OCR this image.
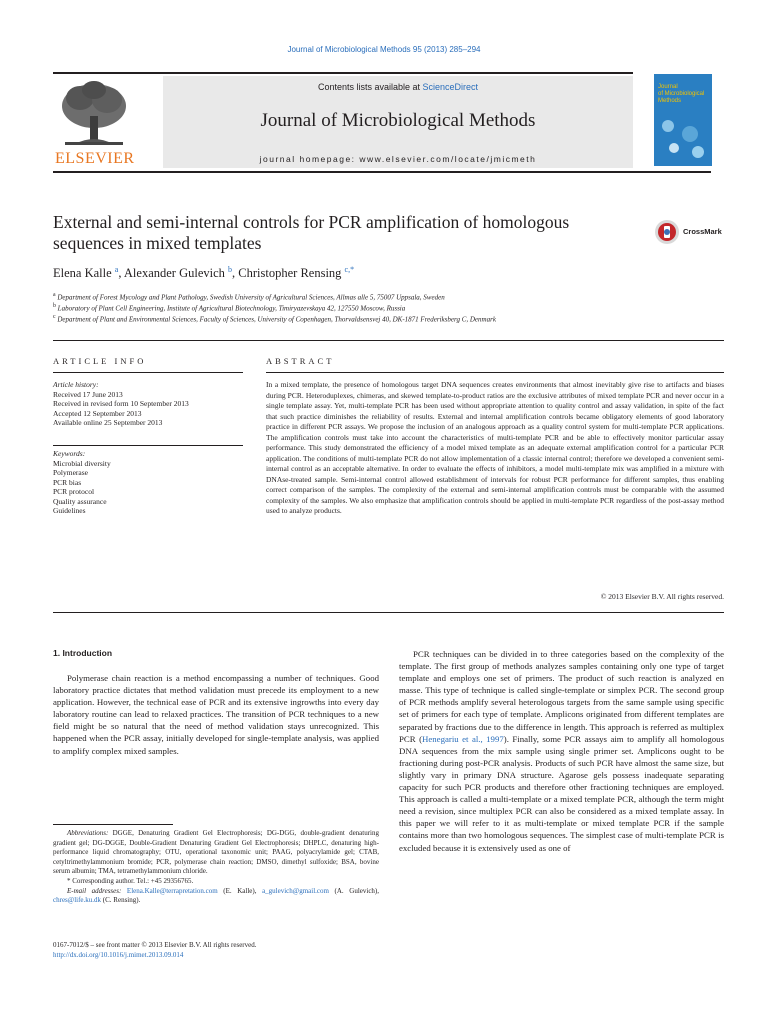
Journal of Microbiological Methods 95 (2013) 285–294
ELSEVIER
Contents lists available at ScienceDirect
Journal of Microbiological Methods
journal homepage: www.elsevier.com/locate/jmicmeth
Journal
of Microbiological
Methods
External and semi-internal controls for PCR amplification of homologous sequences in mixed templates
CrossMark
Elena Kalle $^a$, Alexander Gulevich $^b$, Christopher Rensing $^{c,*}$
$^a$ Department of Forest Mycology and Plant Pathology, Swedish University of Agricultural Sciences, Allmas alle 5, 75007 Uppsala, Sweden
$^b$ Laboratory of Plant Cell Engineering, Institute of Agricultural Biotechnology, Timiryazevskaya 42, 127550 Moscow, Russia
$^c$ Department of Plant and Environmental Sciences, Faculty of Sciences, University of Copenhagen, Thorvaldsensvej 40, DK-1871 Frederiksberg C, Denmark
ARTICLE INFO	ABSTRACT
Article history:
Received 17 June 2013
Received in revised form 10 September 2013
Accepted 12 September 2013
Available online 25 September 2013
Keywords:
Microbial diversity
Polymerase
PCR bias
PCR protocol
Quality assurance
Guidelines
In a mixed template, the presence of homologous target DNA sequences creates environments that almost inevitably give rise to artifacts and biases during PCR. Heteroduplexes, chimeras, and skewed template-to-product ratios are the exclusive attributes of mixed template PCR and never occur in a single template assay. Yet, multi-template PCR has been used without appropriate attention to quality control and assay validation, in spite of the fact that such practice diminishes the reliability of results. External and internal amplification controls became obligatory elements of good laboratory practice in different PCR assays. We propose the inclusion of an analogous approach as a quality control system for multi-template PCR applications. The amplification controls must take into account the characteristics of multi-template PCR and be able to effectively monitor particular assay performance. This study demonstrated the efficiency of a model mixed template as an adequate external amplification control for a particular PCR application. The conditions of multi-template PCR do not allow implementation of a classic internal control; therefore we developed a convenient semi-internal control as an acceptable alternative. In order to evaluate the effects of inhibitors, a model multi-template mix was amplified in a mixture with DNAse-treated sample. Semi-internal control allowed establishment of intervals for robust PCR performance for different samples, thus enabling correct comparison of the samples. The complexity of the external and semi-internal amplification controls must be comparable with the assumed complexity of the samples. We also emphasize that amplification controls should be applied in multi-template PCR regardless of the post-assay method used to analyze products.
© 2013 Elsevier B.V. All rights reserved.
1. Introduction

Polymerase chain reaction is a method encompassing a number of techniques. Good laboratory practice dictates that method validation must precede its employment to a new application. However, the technical ease of PCR and its extensive ingrowths into every day laboratory routine can lead to relaxed practices. The transition of PCR techniques to a new field might be so natural that the need of method validation stays unrecognized. This happened when the PCR assay, initially developed for single-template analysis, was applied to amplify complex mixed samples.

PCR techniques can be divided in to three categories based on the complexity of the template. The first group of methods analyzes samples containing only one type of target template and employs one set of primers. The product of such reaction is analyzed en masse. This type of technique is called single-template or simplex PCR. The second group of PCR methods amplify several heterologous targets from the same sample using specific set of primers for each type of template. Amplicons originated from different templates are separated by fractions due to the difference in length. This approach is referred as multiplex PCR (Henegariu et al., 1997). Finally, some PCR assays aim to amplify all homologous DNA sequences from the mix sample using single primer set. Amplicons ought to be fractioning during post-PCR analysis. Products of such PCR have almost the same size, but slightly vary in primary DNA structure. Agarose gels possess inadequate separating capacity for such PCR products and therefore other fractioning techniques are employed. This approach is called a multi-template or a mixed template PCR, although the term might need a revision, since multiplex PCR can also be considered as a mixed template assay. In this paper we will refer to it as multi-template or mixed template PCR if the sample contains more than two homologous sequences. The simplest case of multi-template PCR is excluded because it is extensively used as one of

Abbreviations: DGGE, Denaturing Gradient Gel Electrophoresis; DG-DGG, double-gradient denaturing gradient gel; DG-DGGE, Double-Gradient Denaturing Gradient Gel Electrophoresis; DHPLC, denaturing high-performance liquid chromatography; OTU, operational taxonomic unit; PAAG, polyacrylamide gel; CTAB, cetyltrimethylammonium bromide; PCR, polymerase chain reaction; DMSO, dimethyl sulfoxide; BSA, bovine serum albumin; TMA, tetramethylammonium chloride.

* Corresponding author. Tel.: +45 29356765.

E-mail addresses: Elena.Kalle@terrapretation.com (E. Kalle), a_gulevich@gmail.com (A. Gulevich), chres@life.ku.dk (C. Rensing).

0167-7012/$ – see front matter © 2013 Elsevier B.V. All rights reserved.
http://dx.doi.org/10.1016/j.mimet.2013.09.014
